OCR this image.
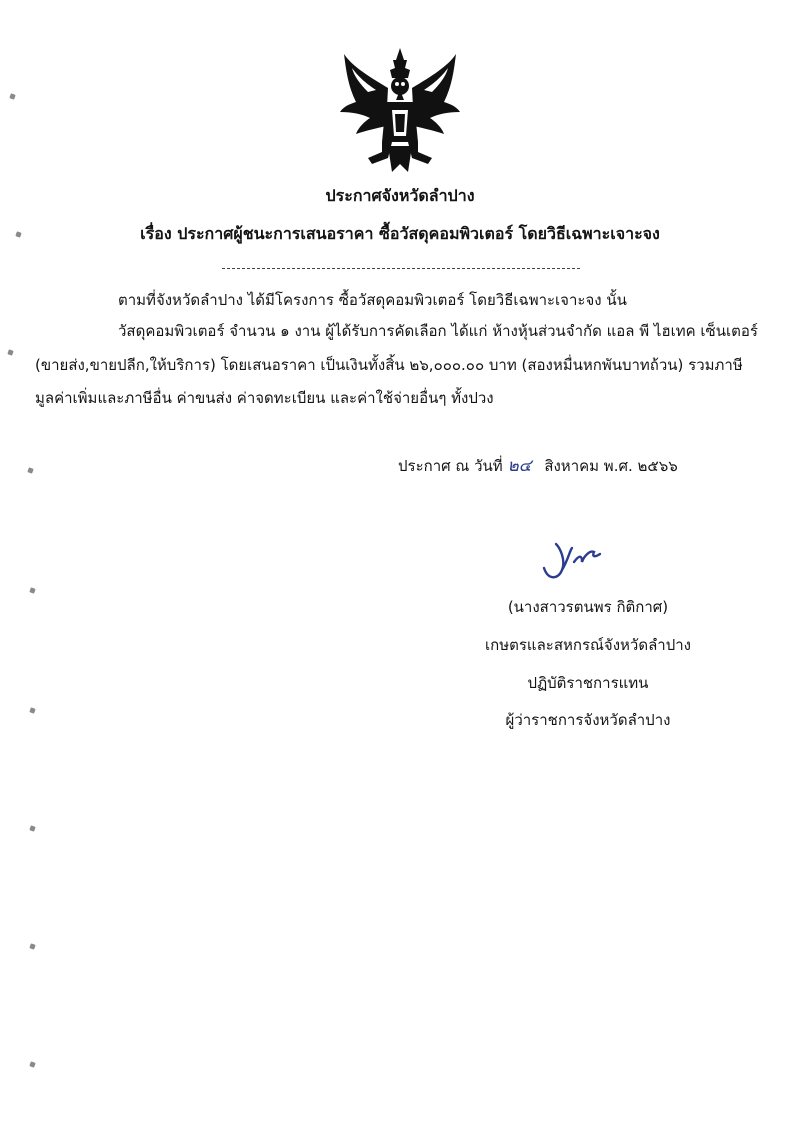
ประกาศจังหวัดลำปาง
เรื่อง ประกาศผู้ชนะการเสนอราคา ซื้อวัสดุคอมพิวเตอร์ โดยวิธีเฉพาะเจาะจง
ตามที่จังหวัดลำปาง ได้มีโครงการ ซื้อวัสดุคอมพิวเตอร์ โดยวิธีเฉพาะเจาะจง นั้น
วัสดุคอมพิวเตอร์ จำนวน ๑ งาน ผู้ได้รับการคัดเลือก ได้แก่ ห้างหุ้นส่วนจำกัด แอล พี ไฮเทค เซ็นเตอร์
(ขายส่ง,ขายปลีก,ให้บริการ) โดยเสนอราคา เป็นเงินทั้งสิ้น ๒๖,๐๐๐.๐๐ บาท (สองหมื่นหกพันบาทถ้วน) รวมภาษี
มูลค่าเพิ่มและภาษีอื่น ค่าขนส่ง ค่าจดทะเบียน และค่าใช้จ่ายอื่นๆ ทั้งปวง
ประกาศ ณ วันที่ ๒๔ สิงหาคม พ.ศ. ๒๕๖๖
(นางสาวรตนพร กิติกาศ)
เกษตรและสหกรณ์จังหวัดลำปาง
ปฏิบัติราชการแทน
ผู้ว่าราชการจังหวัดลำปาง
